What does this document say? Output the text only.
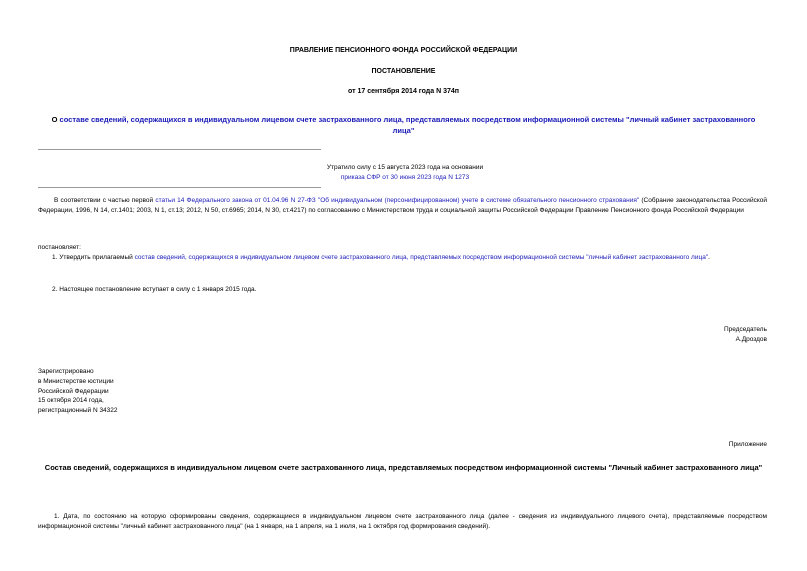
ПРАВЛЕНИЕ ПЕНСИОННОГО ФОНДА РОССИЙСКОЙ ФЕДЕРАЦИИ
ПОСТАНОВЛЕНИЕ
от 17 сентября 2014 года N 374п
О составе сведений, содержащихся в индивидуальном лицевом счете застрахованного лица, представляемых посредством информационной системы "личный кабинет застрахованного лица"

Утратило силу с 15 августа 2023 года на основании

приказа СФР от 30 июня 2023 года N 1273

В соответствии с частью первой статьи 14 Федерального закона от 01.04.96 N 27-ФЗ "Об индивидуальном (персонифицированном) учете в системе обязательного пенсионного страхования" (Собрание законодательства Российской Федерации, 1996, N 14, ст.1401; 2003, N 1, ст.13; 2012, N 50, ст.6965; 2014, N 30, ст.4217) по согласованию с Министерством труда и социальной защиты Российской Федерации Правление Пенсионного фонда Российской Федерации
постановляет:
1. Утвердить прилагаемый состав сведений, содержащихся в индивидуальном лицевом счете застрахованного лица, представляемых посредством информационной системы "личный кабинет застрахованного лица".
2. Настоящее постановление вступает в силу с 1 января 2015 года.

Председатель

А.Дроздов

Зарегистрировано

в Министерстве юстиции

Российской Федерации

15 октября 2014 года,

регистрационный N 34322

Приложение
Состав сведений, содержащихся в индивидуальном лицевом счете застрахованного лица, представляемых посредством информационной системы "Личный кабинет застрахованного лица"
1. Дата, по состоянию на которую сформированы сведения, содержащиеся в индивидуальном лицевом счете застрахованного лица (далее - сведения из индивидуального лицевого счета), представляемые посредством информационной системы "личный кабинет застрахованного лица" (на 1 января, на 1 апреля, на 1 июля, на 1 октября год формирования сведений).
